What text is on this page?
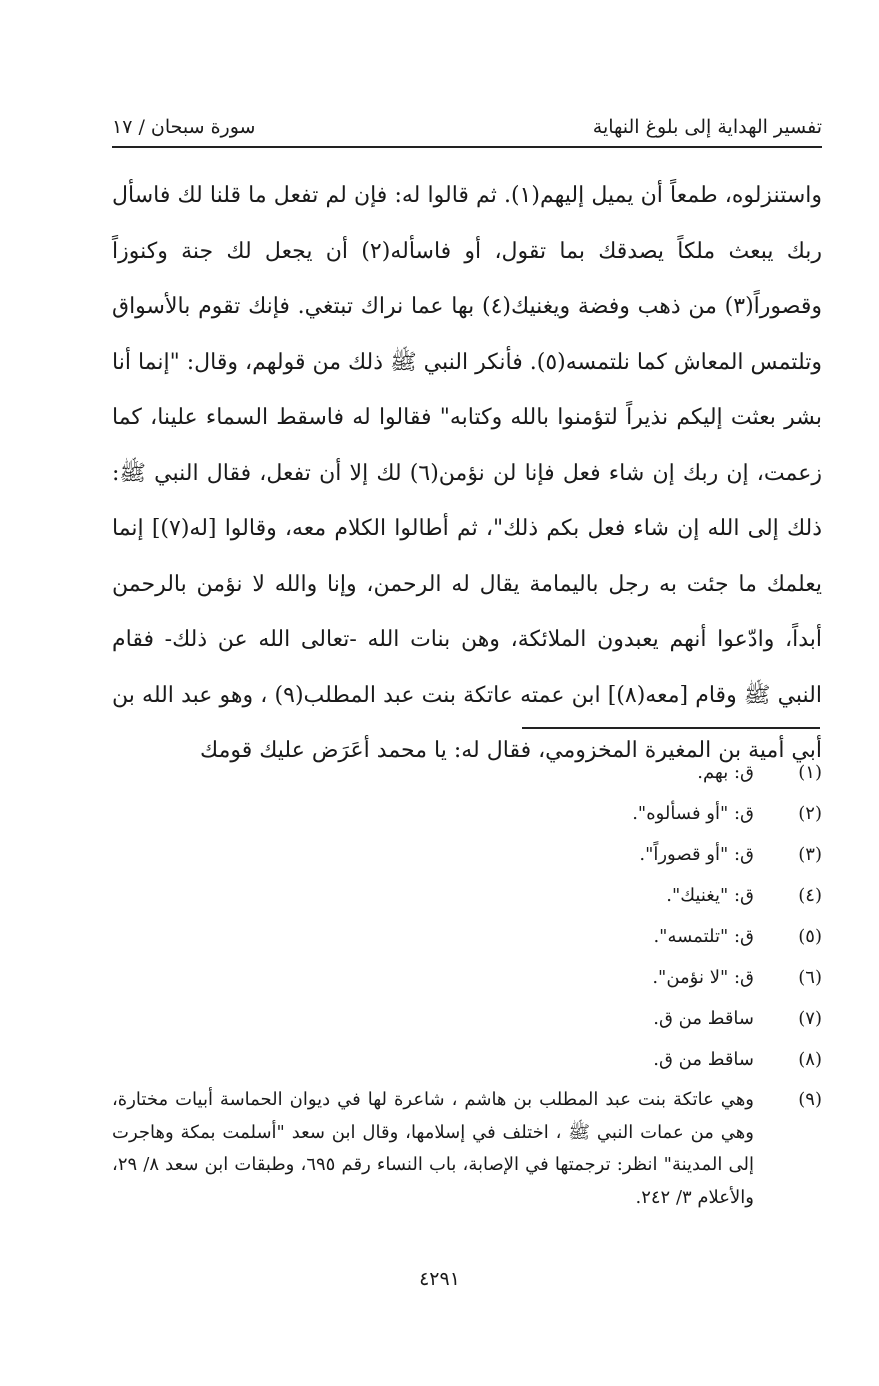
تفسير الهداية إلى بلوغ النهاية
سورة سبحان / ١٧

واستنزلوه، طمعاً أن يميل إليهم(١). ثم قالوا له: فإن لم تفعل ما قلنا لك فاسأل ربك يبعث ملكاً يصدقك بما تقول، أو فاسأله(٢) أن يجعل لك جنة وكنوزاً وقصوراً(٣) من ذهب وفضة ويغنيك(٤) بها عما نراك تبتغي. فإنك تقوم بالأسواق وتلتمس المعاش كما نلتمسه(٥). فأنكر النبي ﷺ ذلك من قولهم، وقال: "إنما أنا بشر بعثت إليكم نذيراً لتؤمنوا بالله وكتابه" فقالوا له فاسقط السماء علينا، كما زعمت، إن ربك إن شاء فعل فإنا لن نؤمن(٦) لك إلا أن تفعل، فقال النبي ﷺ: ذلك إلى الله إن شاء فعل بكم ذلك"، ثم أطالوا الكلام معه، وقالوا [له(٧)] إنما يعلمك ما جئت به رجل باليمامة يقال له الرحمن، وإنا والله لا نؤمن بالرحمن أبداً، وادّعوا أنهم يعبدون الملائكة، وهن بنات الله -تعالى الله عن ذلك- فقام النبي ﷺ وقام [معه(٨)] ابن عمته عاتكة بنت عبد المطلب(٩) ، وهو عبد الله بن أبي أمية بن المغيرة المخزومي، فقال له: يا محمد أعَرَض عليك قومك

(١)
ق: بهم.
(٢)
ق: "أو فسألوه".
(٣)
ق: "أو قصوراً".
(٤)
ق: "يغنيك".
(٥)
ق: "تلتمسه".
(٦)
ق: "لا نؤمن".
(٧)
ساقط من ق.
(٨)
ساقط من ق.
(٩)
وهي عاتكة بنت عبد المطلب بن هاشم ، شاعرة لها في ديوان الحماسة أبيات مختارة، وهي من عمات النبي ﷺ ، اختلف في إسلامها، وقال ابن سعد "أسلمت بمكة وهاجرت إلى المدينة" انظر: ترجمتها في الإصابة، باب النساء رقم ٦٩٥، وطبقات ابن سعد ٨/ ٢٩، والأعلام ٣/ ٢٤٢.
٤٢٩١
